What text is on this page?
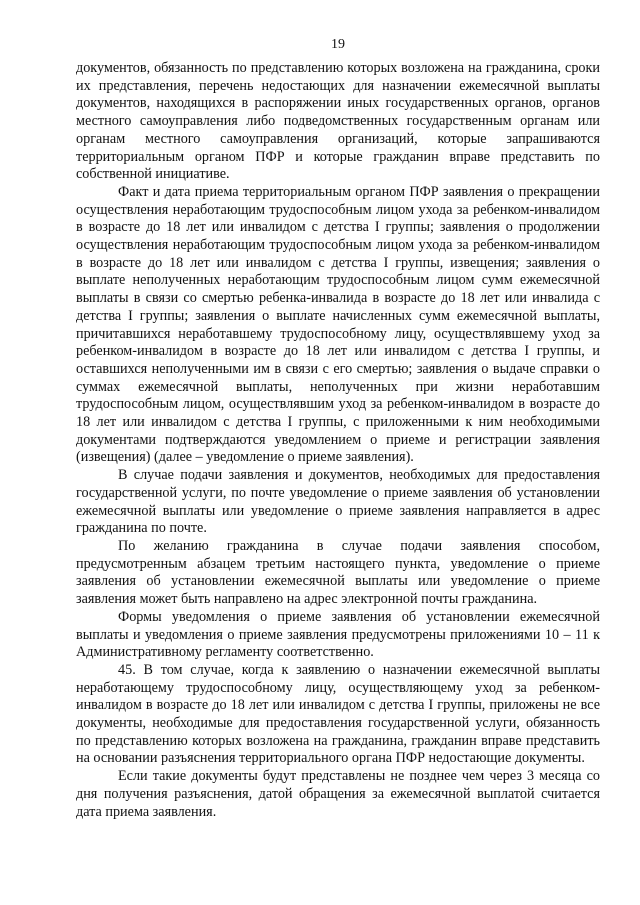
19

документов, обязанность по представлению которых возложена на гражданина, сроки их представления, перечень недостающих для назначении ежемесячной выплаты документов, находящихся в распоряжении иных государственных органов, органов местного самоуправления либо подведомственных государственным органам или органам местного самоуправления организаций, которые запрашиваются территориальным органом ПФР и которые гражданин вправе представить по собственной инициативе.

Факт и дата приема территориальным органом ПФР заявления о прекращении осуществления неработающим трудоспособным лицом ухода за ребенком-инвалидом в возрасте до 18 лет или инвалидом с детства I группы; заявления о продолжении осуществления неработающим трудоспособным лицом ухода за ребенком-инвалидом в возрасте до 18 лет или инвалидом с детства I группы, извещения; заявления о выплате неполученных неработающим трудоспособным лицом сумм ежемесячной выплаты в связи со смертью ребенка-инвалида в возрасте до 18 лет или инвалида с детства I группы; заявления о выплате начисленных сумм ежемесячной выплаты, причитавшихся неработавшему трудоспособному лицу, осуществлявшему уход за ребенком-инвалидом в возрасте до 18 лет или инвалидом с детства I группы, и оставшихся неполученными им в связи с его смертью; заявления о выдаче справки о суммах ежемесячной выплаты, неполученных при жизни неработавшим трудоспособным лицом, осуществлявшим уход за ребенком-инвалидом в возрасте до 18 лет или инвалидом с детства I группы, с приложенными к ним необходимыми документами подтверждаются уведомлением о приеме и регистрации заявления (извещения) (далее – уведомление о приеме заявления).

В случае подачи заявления и документов, необходимых для предоставления государственной услуги, по почте уведомление о приеме заявления об установлении ежемесячной выплаты или уведомление о приеме заявления направляется в адрес гражданина по почте.

По желанию гражданина в случае подачи заявления способом, предусмотренным абзацем третьим настоящего пункта, уведомление о приеме заявления об установлении ежемесячной выплаты или уведомление о приеме заявления может быть направлено на адрес электронной почты гражданина.

Формы уведомления о приеме заявления об установлении ежемесячной выплаты и уведомления о приеме заявления предусмотрены приложениями 10 – 11 к Административному регламенту соответственно.

45. В том случае, когда к заявлению о назначении ежемесячной выплаты неработающему трудоспособному лицу, осуществляющему уход за ребенком-инвалидом в возрасте до 18 лет или инвалидом с детства I группы, приложены не все документы, необходимые для предоставления государственной услуги, обязанность по представлению которых возложена на гражданина, гражданин вправе представить на основании разъяснения территориального органа ПФР недостающие документы.

Если такие документы будут представлены не позднее чем через 3 месяца со дня получения разъяснения, датой обращения за ежемесячной выплатой считается дата приема заявления.
